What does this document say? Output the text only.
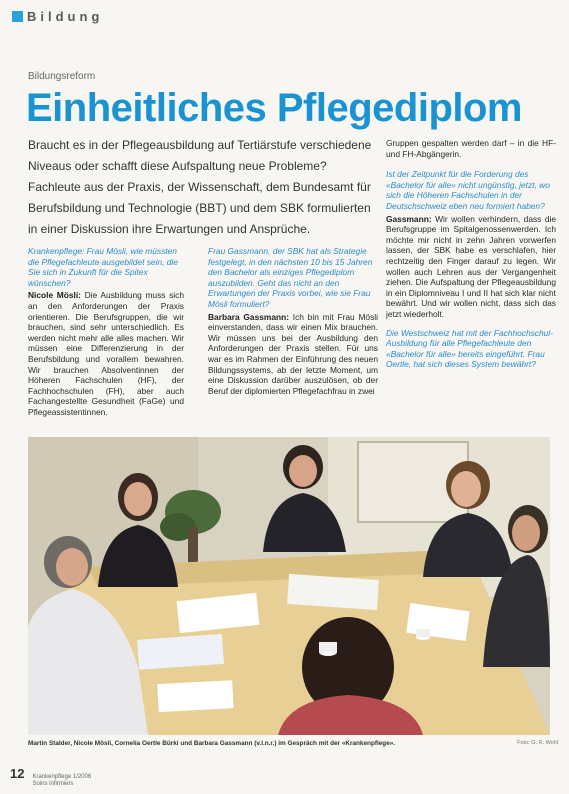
Bildung
Bildungsreform
Einheitliches Pflegediplom
Braucht es in der Pflegeausbildung auf Tertiärstufe verschiedene Niveaus oder schafft diese Aufspaltung neue Probleme? Fachleute aus der Praxis, der Wissenschaft, dem Bundesamt für Berufsbildung und Technologie (BBT) und dem SBK formulierten in einer Diskussion ihre Erwartungen und Ansprüche.
Krankenpflege: Frau Mösli, wie müssten die Pflegefachleute ausgebildet sein, die Sie sich in Zukunft für die Spitex wünschen?

Nicole Mösli: Die Ausbildung muss sich an den Anforderungen der Praxis orientieren. Die Berufsgruppen, die wir brauchen, sind sehr unterschiedlich. Es werden nicht mehr alle alles machen. Wir müssen eine Differenzierung in der Berufsbildung und vorallem bewahren. Wir brauchen Absolventinnen der Höheren Fachschulen (HF), der Fachhochschulen (FH), aber auch Fachangestellte Gesundheit (FaGe) und Pflegeassistentinnen.

Frau Gassmann, der SBK hat als Strategie festgelegt, in den nächsten 10 bis 15 Jahren den Bachelor als einziges Pflegediplom auszubilden. Geht das nicht an den Erwartungen der Praxis vorbei, wie sie Frau Mösli formuliert?

Barbara Gassmann: Ich bin mit Frau Mösli einverstanden, dass wir einen Mix brauchen. Wir müssen uns bei der Ausbildung den Anforderungen der Praxis stellen. Für uns war es im Rahmen der Einführung des neuen Bildungssystems, ab der letzte Moment, um eine Diskussion darüber auszulösen, ob der Beruf der diplomierten Pflegefachfrau in zwei

Gruppen gespalten werden darf – in die HF- und FH-Abgängerin.

Ist der Zeitpunkt für die Forderung des «Bachelor für alle» nicht ungünstig, jetzt, wo sich die Höheren Fachschulen in der Deutschschweiz eben neu formiert haben?

Gassmann: Wir wollen verhindern, dass die Berufsgruppe im Spitalgenossenwerden. Ich möchte mir nicht in zehn Jahren vorwerfen lassen, der SBK habe es verschlafen, hier rechtzeitig den Finger darauf zu legen. Wir wollen auch Lehren aus der Vergangenheit ziehen. Die Aufspaltung der Pflegeausbildung in ein Diplomniveau I und II hat sich klar nicht bewährt. Und wir wollen nicht, dass sich das jetzt wiederholt.

Die Westschweiz hat mit der Fachhochschul-Ausbildung für alle Pflegefachleute den «Bachelor für alle» bereits eingeführt. Frau Oertle, hat sich dieses System bewährt?
Martin Stalder, Nicole Mösli, Cornelia Oertle Bürki und Barbara Gassmann (v.l.n.r.) im Gespräch mit der «Krankenpflege».	Foto: G. R. Wohl
12 Krankenpflege 1/2006
Soins infirmiers
